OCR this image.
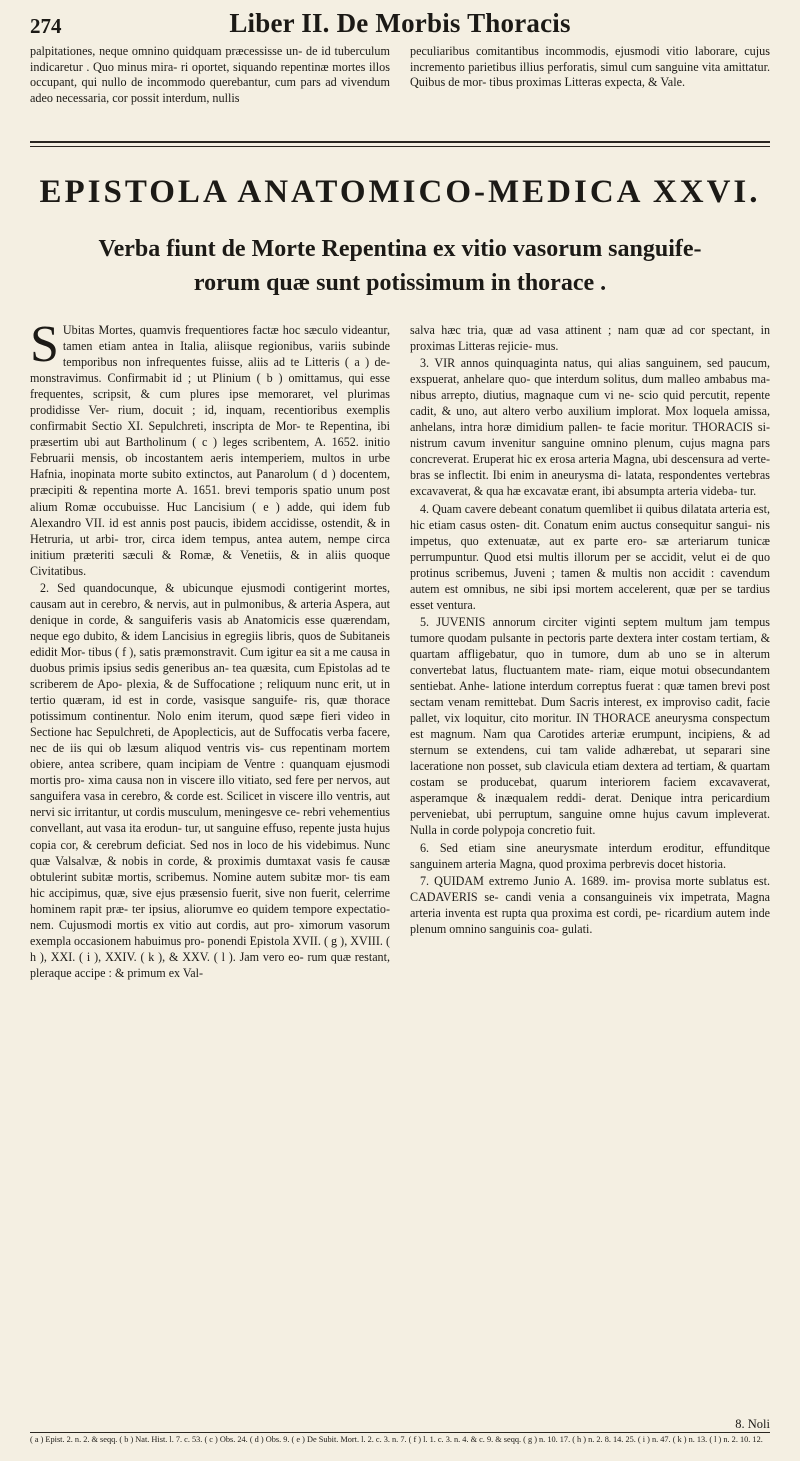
274	Liber II. De Morbis Thoracis
palpitationes, neque omnino quidquam præcessisse un- de id tuberculum indicaretur . Quo minus mira- ri oportet, siquando repentinæ mortes illos occupant, qui nullo de incommodo querebantur, cum pars ad vivendum adeo necessaria, cor possit interdum, nullis
peculiaribus comitantibus incommodis, ejusmodi vitio laborare, cujus incremento parietibus illius perforatis, simul cum sanguine vita amittatur. Quibus de mor- tibus proximas Litteras expecta, & Vale.
EPISTOLA ANATOMICO-MEDICA XXVI.
Verba fiunt de Morte Repentina ex vitio vasorum sanguife-
rorum quæ sunt potissimum in thorace .

S Ubitas Mortes, quamvis frequentiores factæ hoc sæculo videantur, tamen etiam antea in Italia, aliisque regionibus, variis subinde temporibus non infrequentes fuisse, aliis ad te Litteris ( a ) de- monstravimus. Confirmabit id ; ut Plinium ( b ) omittamus, qui esse frequentes, scripsit, & cum plures ipse memoraret, vel plurimas prodidisse Ver- rium, docuit ; id, inquam, recentioribus exemplis confirmabit Sectio XI. Sepulchreti, inscripta de Mor- te Repentina, ibi præsertim ubi aut Bartholinum ( c ) leges scribentem, A. 1652. initio Februarii mensis, ob incostantem aeris intemperiem, multos in urbe Hafnia, inopinata morte subito extinctos, aut Panarolum ( d ) docentem, præcipiti & repentina morte A. 1651. brevi temporis spatio unum post alium Romæ occubuisse. Huc Lancisium ( e ) adde, qui idem fub Alexandro VII. id est annis post paucis, ibidem accidisse, ostendit, & in Hetruria, ut arbi- tror, circa idem tempus, antea autem, nempe circa initium præteriti sæculi & Romæ, & Venetiis, & in aliis quoque Civitatibus.

2. Sed quandocunque, & ubicunque ejusmodi contigerint mortes, causam aut in cerebro, & nervis, aut in pulmonibus, & arteria Aspera, aut denique in corde, & sanguiferis vasis ab Anatomicis esse quærendam, neque ego dubito, & idem Lancisius in egregiis libris, quos de Subitaneis edidit Mor- tibus ( f ), satis præmonstravit. Cum igitur ea sit a me causa in duobus primis ipsius sedis generibus an- tea quæsita, cum Epistolas ad te scriberem de Apo- plexia, & de Suffocatione ; reliquum nunc erit, ut in tertio quæram, id est in corde, vasisque sanguife- ris, quæ thorace potissimum continentur. Nolo enim iterum, quod sæpe fieri video in Sectione hac Sepulchreti, de Apoplecticis, aut de Suffocatis verba facere, nec de iis qui ob læsum aliquod ventris vis- cus repentinam mortem obiere, antea scribere, quam incipiam de Ventre : quanquam ejusmodi mortis pro- xima causa non in viscere illo vitiato, sed fere per nervos, aut sanguifera vasa in cerebro, & corde est. Scilicet in viscere illo ventris, aut nervi sic irritantur, ut cordis musculum, meningesve ce- rebri vehementius convellant, aut vasa ita erodun- tur, ut sanguine effuso, repente justa hujus copia cor, & cerebrum deficiat. Sed nos in loco de his videbimus. Nunc quæ Valsalvæ, & nobis in corde, & proximis dumtaxat vasis fe causæ obtulerint subitæ mortis, scribemus. Nomine autem subitæ mor- tis eam hic accipimus, quæ, sive ejus præsensio fuerit, sive non fuerit, celerrime hominem rapit præ- ter ipsius, aliorumve eo quidem tempore expectatio- nem. Cujusmodi mortis ex vitio aut cordis, aut pro- ximorum vasorum exempla occasionem habuimus pro- ponendi Epistola XVII. ( g ), XVIII. ( h ), XXI. ( i ), XXIV. ( k ), & XXV. ( l ). Jam vero eo- rum quæ restant, pleraque accipe : & primum ex Val-

salva hæc tria, quæ ad vasa attinent ; nam quæ ad cor spectant, in proximas Litteras rejicie- mus.

3. VIR annos quinquaginta natus, qui alias sanguinem, sed paucum, exspuerat, anhelare quo- que interdum solitus, dum malleo ambabus ma- nibus arrepto, diutius, magnaque cum vi ne- scio quid percutit, repente cadit, & uno, aut altero verbo auxilium implorat. Mox loquela amissa, anhelans, intra horæ dimidium pallen- te facie moritur. THORACIS si- nistrum cavum invenitur sanguine omnino plenum, cujus magna pars concreverat. Eruperat hic ex erosa arteria Magna, ubi descensura ad verte- bras se inflectit. Ibi enim in aneurysma di- latata, respondentes vertebras excavaverat, & qua hæ excavatæ erant, ibi absumpta arteria videba- tur.

4. Quam cavere debeant conatum quemlibet ii quibus dilatata arteria est, hic etiam casus osten- dit. Conatum enim auctus consequitur sangui- nis impetus, quo extenuatæ, aut ex parte ero- sæ arteriarum tunicæ perrumpuntur. Quod etsi multis illorum per se accidit, velut ei de quo protinus scribemus, Juveni ; tamen & multis non accidit : cavendum autem est omnibus, ne sibi ipsi mortem accelerent, quæ per se tardius esset ventura.

5. JUVENIS annorum circiter viginti septem multum jam tempus tumore quodam pulsante in pectoris parte dextera inter costam tertiam, & quartam affligebatur, quo in tumore, dum ab uno se in alterum convertebat latus, fluctuantem mate- riam, eique motui obsecundantem sentiebat. Anhe- latione interdum correptus fuerat : quæ tamen brevi post sectam venam remittebat. Dum Sacris interest, ex improviso cadit, facie pallet, vix loquitur, cito moritur. IN THORACE aneurysma conspectum est magnum. Nam qua Carotides arteriæ erumpunt, incipiens, & ad sternum se extendens, cui tam valide adhærebat, ut separari sine laceratione non posset, sub clavicula etiam dextera ad tertiam, & quartam costam se producebat, quarum interiorem faciem excavaverat, asperamque & inæqualem reddi- derat. Denique intra pericardium perveniebat, ubi perruptum, sanguine omne hujus cavum impleverat. Nulla in corde polypoja concretio fuit.

6. Sed etiam sine aneurysmate interdum eroditur, effunditque sanguinem arteria Magna, quod proxima perbrevis docet historia.

7. QUIDAM extremo Junio A. 1689. im- provisa morte sublatus est. CADAVERIS se- candi venia a consanguineis vix impetrata, Magna arteria inventa est rupta qua proxima est cordi, pe- ricardium autem inde plenum omnino sanguinis coa- gulati.

8. Noli
( a ) Epist. 2. n. 2. & seqq. ( b ) Nat. Hist. l. 7. c. 53. ( c ) Obs. 24. ( d ) Obs. 9. ( e ) De Subit. Mort. l. 2. c. 3. n. 7. ( f ) l. 1. c. 3. n. 4. & c. 9. & seqq. ( g ) n. 10. 17. ( h ) n. 2. 8. 14. 25. ( i ) n. 47. ( k ) n. 13. ( l ) n. 2. 10. 12.
